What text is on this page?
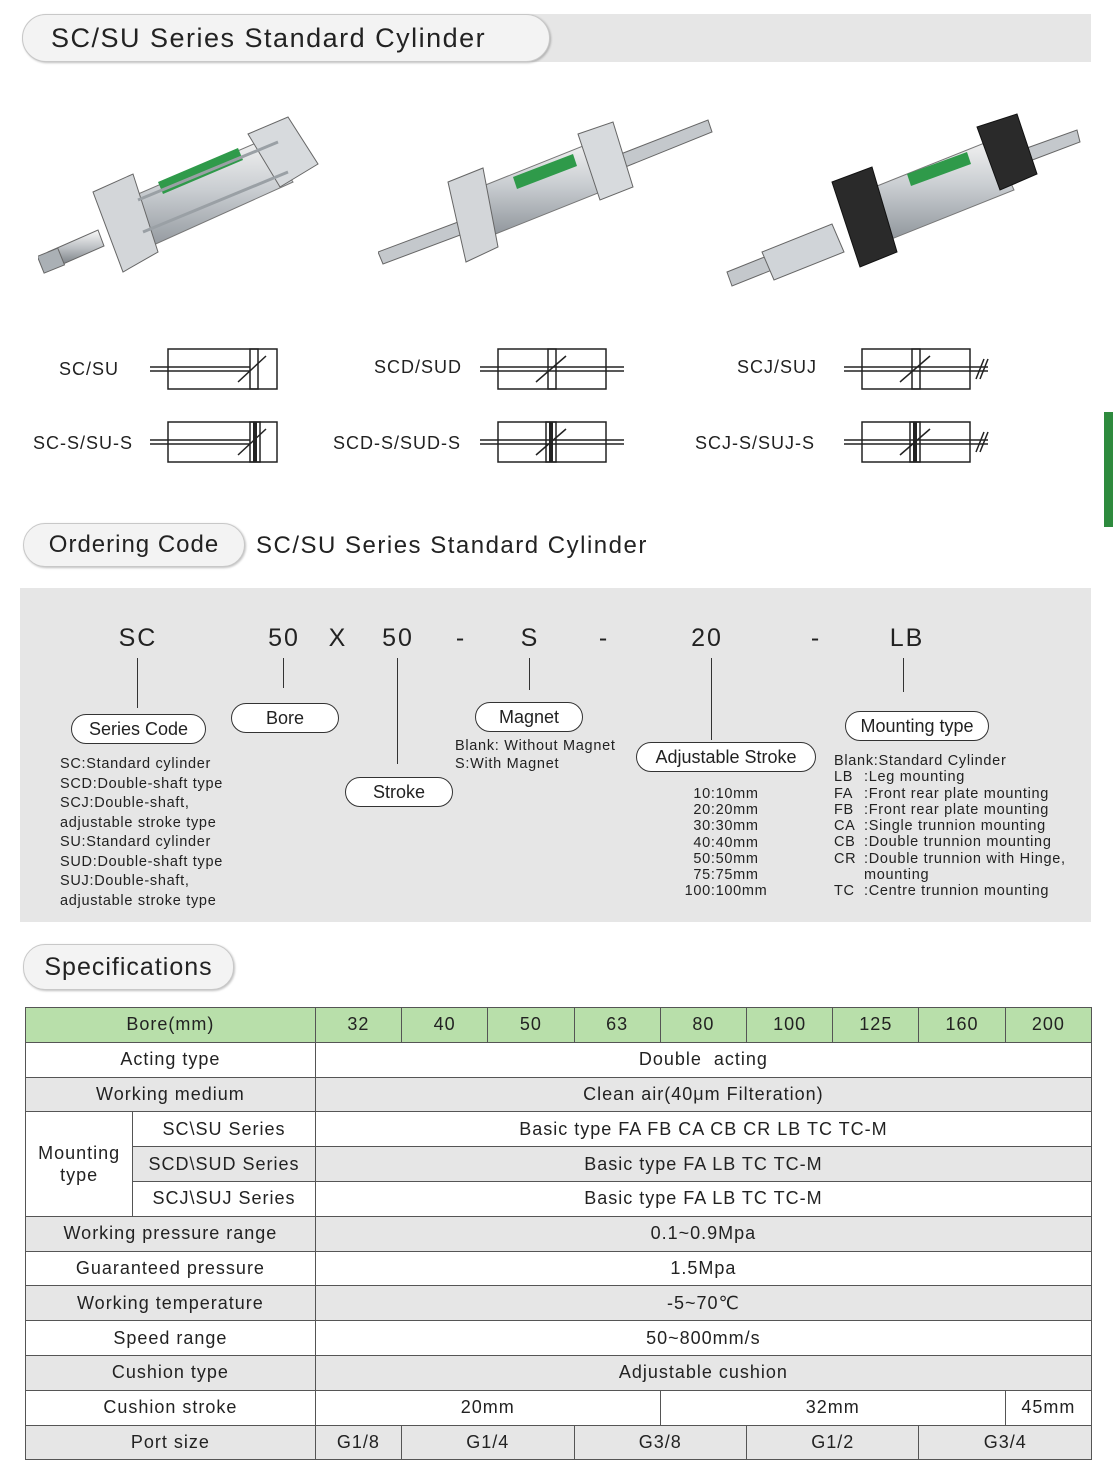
SC/SU Series Standard Cylinder
SC/SU	SCD/SUD	SCJ/SUJ
SC-S/SU-S	SCD-S/SUD-S	SCJ-S/SUJ-S
Ordering Code	SC/SU Series Standard Cylinder
SC	50	X	50	-	S	-	20	-	LB
Series Code
Bore
Stroke
Magnet
Adjustable Stroke
Mounting type
SC:Standard cylinder
SCD:Double-shaft type
SCJ:Double-shaft,
adjustable stroke type
SU:Standard cylinder
SUD:Double-shaft type
SUJ:Double-shaft,
adjustable stroke type
Blank: Without Magnet
S:With Magnet
10:10mm
20:20mm
30:30mm
40:40mm
50:50mm
75:75mm
100:100mm
Blank : Standard Cylinder
LB : Leg mounting
FA : Front rear plate mounting
FB : Front rear plate mounting
CA : Single trunnion mounting
CB : Double trunnion mounting
CR : Double trunnion with Hinge,
mounting
TC : Centre trunnion mounting
Specifications
Bore(mm)		32	40	50	63	80	100	125	160	200
Acting type		Double  acting								
Working medium		Clean air(40μm Filteration)								
Mounting type	SC\SU Series	Basic type FA FB CA CB CR LB TC TC-M								
	SCD\SUD Series	Basic type FA LB TC TC-M								
	SCJ\SUJ Series	Basic type FA LB TC TC-M								
Working pressure range		0.1~0.9Mpa								
Guaranteed pressure		1.5Mpa								
Working temperature		-5~70℃								
Speed range		50~800mm/s								
Cushion type		Adjustable cushion								
Cushion stroke		20mm				32mm				45mm
Port size		G1/8	G1/4		G3/8		G1/2		G3/4	
